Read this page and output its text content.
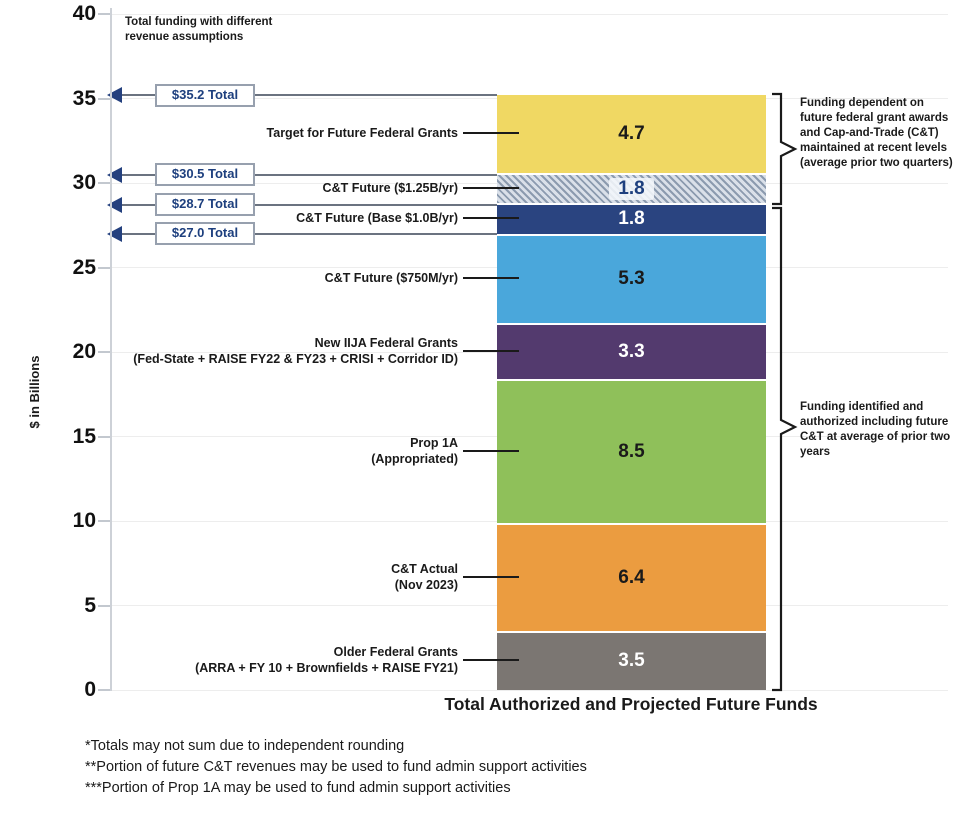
0
5
10
15
20
25
30
35
40
3.5
Older Federal Grants
(ARRA + FY 10 + Brownfields + RAISE FY21)
6.4
C&T Actual
(Nov 2023)
8.5
Prop 1A
(Appropriated)
3.3
New IIJA Federal Grants
(Fed-State + RAISE FY22 & FY23 + CRISI + Corridor ID)
5.3
C&T Future ($750M/yr)
1.8
C&T Future (Base $1.0B/yr)
1.8
C&T Future ($1.25B/yr)
4.7
Target for Future Federal Grants
$35.2 Total
$30.5 Total
$28.7 Total
$27.0 Total
Total funding with different revenue assumptions
$ in Billions
Funding dependent on future federal grant awards and Cap-and-Trade (C&T) maintained at recent levels (average prior two quarters)
Funding identified and authorized including future C&T at average of prior two years
Total Authorized and Projected Future Funds
*Totals may not sum due to independent rounding
**Portion of future C&T revenues may be used to fund admin support activities
***Portion of Prop 1A may be used to fund admin support activities
